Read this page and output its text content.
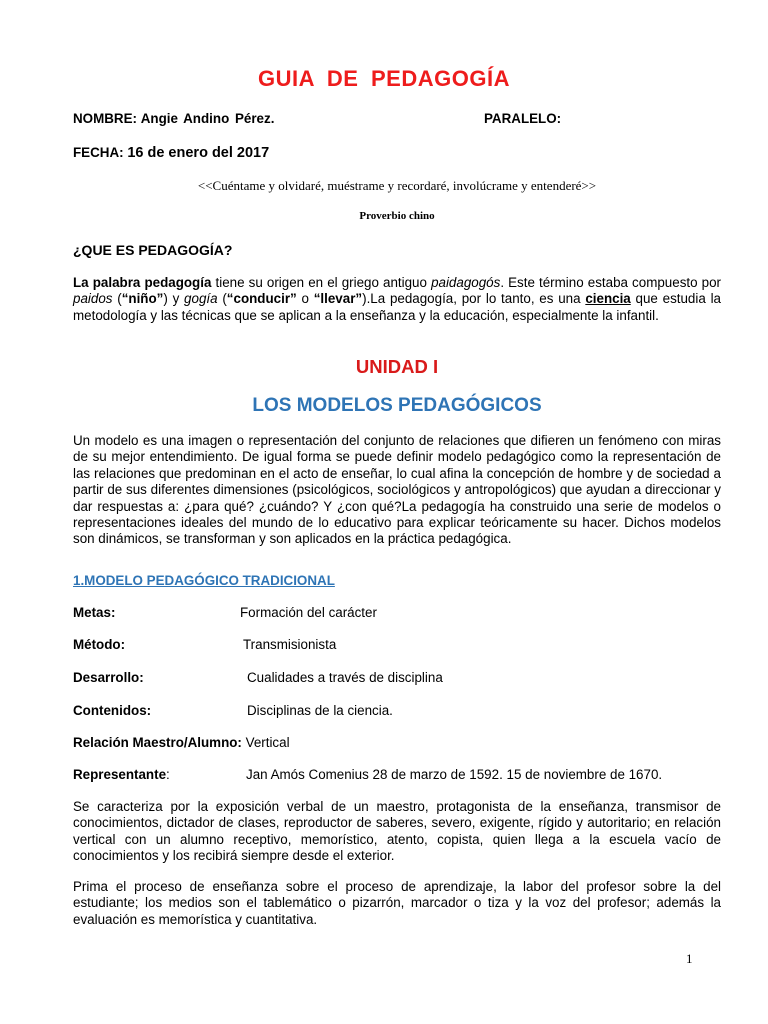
GUIA DE PEDAGOGÍA
NOMBRE: Angie Andino Pérez.	PARALELO:
FECHA: 16 de enero del 2017
<<Cuéntame y olvidaré, muéstrame y recordaré, involúcrame y entenderé>>
Proverbio chino
¿QUE ES PEDAGOGÍA?
La palabra pedagogía tiene su origen en el griego antiguo paidagogós. Este término estaba compuesto por paidos (“niño”) y gogía (“conducir” o “llevar”).La pedagogía, por lo tanto, es una ciencia que estudia la metodología y las técnicas que se aplican a la enseñanza y la educación, especialmente la infantil.
UNIDAD I
LOS MODELOS PEDAGÓGICOS
Un modelo es una imagen o representación del conjunto de relaciones que difieren un fenómeno con miras de su mejor entendimiento. De igual forma se puede definir modelo pedagógico como la representación de las relaciones que predominan en el acto de enseñar, lo cual afina la concepción de hombre y de sociedad a partir de sus diferentes dimensiones (psicológicos, sociológicos y antropológicos) que ayudan a direccionar y dar respuestas a: ¿para qué? ¿cuándo? Y ¿con qué?La pedagogía ha construido una serie de modelos o representaciones ideales del mundo de lo educativo para explicar teóricamente su hacer. Dichos modelos son dinámicos, se transforman y son aplicados en la práctica pedagógica.
1.MODELO PEDAGÓGICO TRADICIONAL
Metas:	Formación del carácter
Método:	Transmisionista
Desarrollo:	Cualidades a través de disciplina
Contenidos:	Disciplinas de la ciencia.
Relación Maestro/Alumno: Vertical
Representante:	Jan Amós Comenius 28 de marzo de 1592. 15 de noviembre de 1670.
Se caracteriza por la exposición verbal de un maestro, protagonista de la enseñanza, transmisor de conocimientos, dictador de clases, reproductor de saberes, severo, exigente, rígido y autoritario; en relación vertical con un alumno receptivo, memorístico, atento, copista, quien llega a la escuela vacío de conocimientos y los recibirá siempre desde el exterior.
Prima el proceso de enseñanza sobre el proceso de aprendizaje, la labor del profesor sobre la del estudiante; los medios son el tablemático o pizarrón, marcador o tiza y la voz del profesor; además la evaluación es memorística y cuantitativa.
1
